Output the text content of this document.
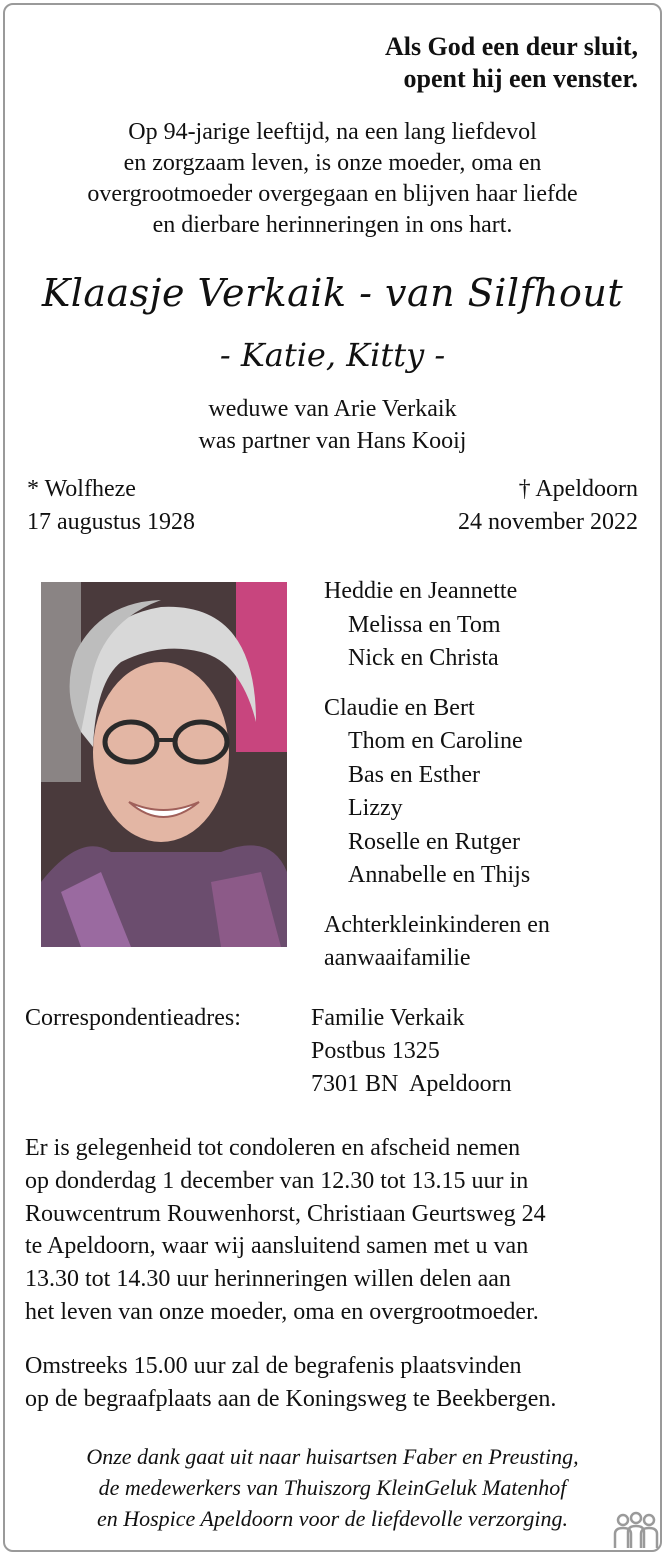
Als God een deur sluit,
opent hij een venster.
Op 94-jarige leeftijd, na een lang liefdevol
en zorgzaam leven, is onze moeder, oma en
overgrootmoeder overgegaan en blijven haar liefde
en dierbare herinneringen in ons hart.
Klaasje Verkaik - van Silfhout
- Katie, Kitty -
weduwe van Arie Verkaik
was partner van Hans Kooij
* Wolfheze
17 augustus 1928
† Apeldoorn
24 november 2022
Heddie en Jeannette
Melissa en Tom
Nick en Christa
Claudie en Bert
Thom en Caroline
Bas en Esther
Lizzy
Roselle en Rutger
Annabelle en Thijs
Achterkleinkinderen en
aanwaaifamilie
Correspondentieadres:	Familie Verkaik
Postbus 1325
7301 BN  Apeldoorn
Er is gelegenheid tot condoleren en afscheid nemen
op donderdag 1 december van 12.30 tot 13.15 uur in
Rouwcentrum Rouwenhorst, Christiaan Geurtsweg 24
te Apeldoorn, waar wij aansluitend samen met u van
13.30 tot 14.30 uur herinneringen willen delen aan
het leven van onze moeder, oma en overgrootmoeder.
Omstreeks 15.00 uur zal de begrafenis plaatsvinden
op de begraafplaats aan de Koningsweg te Beekbergen.
Onze dank gaat uit naar huisartsen Faber en Preusting,
de medewerkers van Thuiszorg KleinGeluk Matenhof
en Hospice Apeldoorn voor de liefdevolle verzorging.
